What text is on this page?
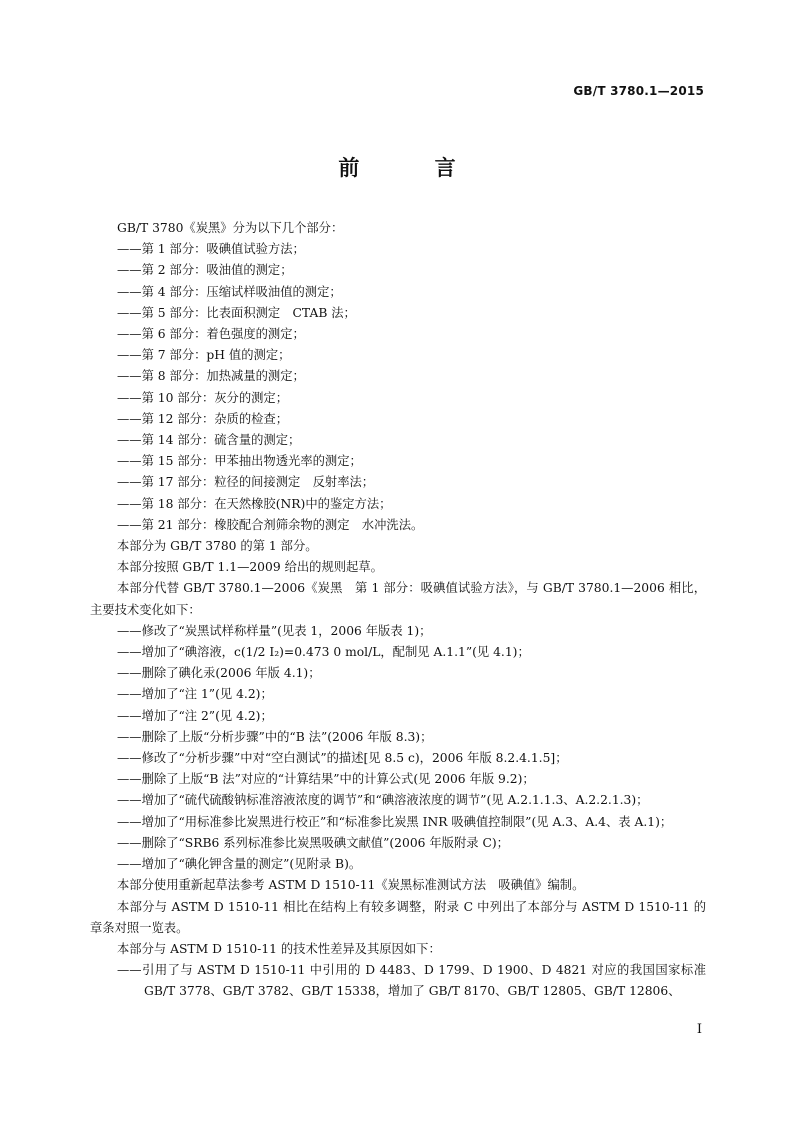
GB/T 3780.1—2015
前 言
GB/T 3780《炭黑》分为以下几个部分：
——第 1 部分：吸碘值试验方法；
——第 2 部分：吸油值的测定；
——第 4 部分：压缩试样吸油值的测定；
——第 5 部分：比表面积测定　CTAB 法；
——第 6 部分：着色强度的测定；
——第 7 部分：pH 值的测定；
——第 8 部分：加热减量的测定；
——第 10 部分：灰分的测定；
——第 12 部分：杂质的检查；
——第 14 部分：硫含量的测定；
——第 15 部分：甲苯抽出物透光率的测定；
——第 17 部分：粒径的间接测定　反射率法；
——第 18 部分：在天然橡胶(NR)中的鉴定方法；
——第 21 部分：橡胶配合剂筛余物的测定　水冲洗法。
本部分为 GB/T 3780 的第 1 部分。
本部分按照 GB/T 1.1—2009 给出的规则起草。
本部分代替 GB/T 3780.1—2006《炭黑　第 1 部分：吸碘值试验方法》，与 GB/T 3780.1—2006 相比，主要技术变化如下：
——修改了“炭黑试样称样量”(见表 1，2006 年版表 1)；
——增加了“碘溶液，c(1/2 I₂)=0.473 0 mol/L，配制见 A.1.1”(见 4.1)；
——删除了碘化汞(2006 年版 4.1)；
——增加了“注 1”(见 4.2)；
——增加了“注 2”(见 4.2)；
——删除了上版“分析步骤”中的“B 法”(2006 年版 8.3)；
——修改了“分析步骤”中对“空白测试”的描述[见 8.5 c)，2006 年版 8.2.4.1.5]；
——删除了上版“B 法”对应的“计算结果”中的计算公式(见 2006 年版 9.2)；
——增加了“硫代硫酸钠标准溶液浓度的调节”和“碘溶液浓度的调节”(见 A.2.1.1.3、A.2.2.1.3)；
——增加了“用标准参比炭黑进行校正”和“标准参比炭黑 INR 吸碘值控制限”(见 A.3、A.4、表 A.1)；
——删除了“SRB6 系列标准参比炭黑吸碘文献值”(2006 年版附录 C)；
——增加了“碘化钾含量的测定”(见附录 B)。
本部分使用重新起草法参考 ASTM D 1510-11《炭黑标准测试方法　吸碘值》编制。
本部分与 ASTM D 1510-11 相比在结构上有较多调整，附录 C 中列出了本部分与 ASTM D 1510-11 的章条对照一览表。
本部分与 ASTM D 1510-11 的技术性差异及其原因如下：
——引用了与 ASTM D 1510-11 中引用的 D 4483、D 1799、D 1900、D 4821 对应的我国国家标准 GB/T 3778、GB/T 3782、GB/T 15338，增加了 GB/T 8170、GB/T 12805、GB/T 12806、
I
